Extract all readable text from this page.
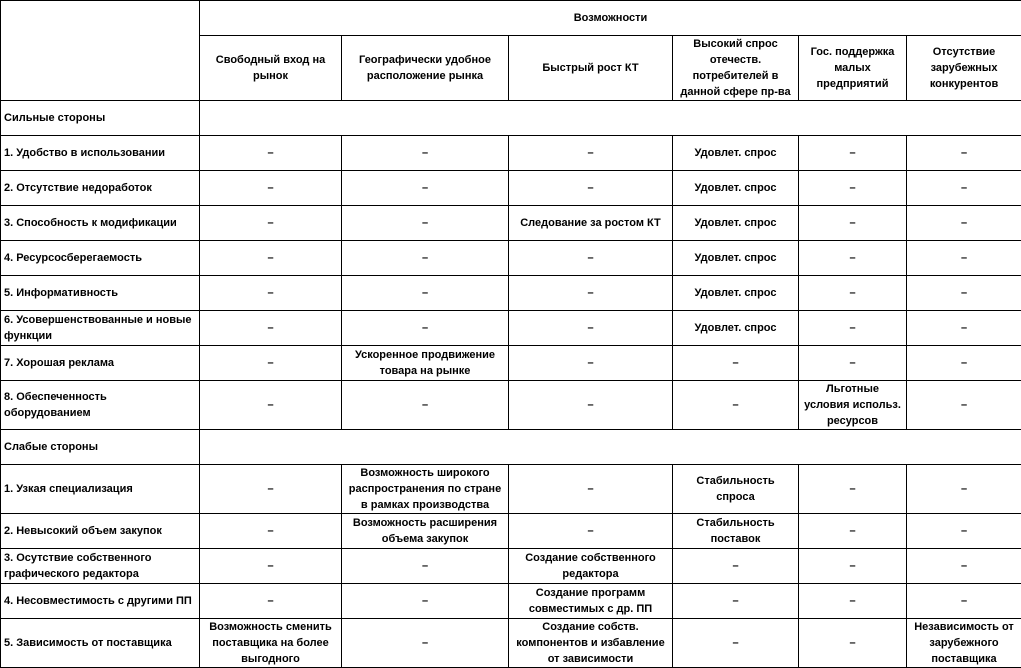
	Возможности					
	Свободный вход на рынок	Географически удобное расположение рынка	Быстрый рост КТ	Высокий спрос отечеств. потребителей в данной сфере пр-ва	Гос. поддержка малых предприятий	Отсутствие зарубежных конкурентов
Сильные стороны						
1. Удобство в использовании	–	–	–	Удовлет. спрос	–	–
2. Отсутствие недоработок	–	–	–	Удовлет. спрос	–	–
3. Способность к модификации	–	–	Следование за ростом КТ	Удовлет. спрос	–	–
4. Ресурсосберегаемость	–	–	–	Удовлет. спрос	–	–
5. Информативность	–	–	–	Удовлет. спрос	–	–
6. Усовершенствованные и новые функции	–	–	–	Удовлет. спрос	–	–
7. Хорошая реклама	–	Ускоренное продвижение товара на рынке	–	–	–	–
8. Обеспеченность оборудованием	–	–	–	–	Льготные условия использ. ресурсов	–
Слабые стороны						
1. Узкая специализация	–	Возможность широкого распространения по стране в рамках производства	–	Стабильность спроса	–	–
2. Невысокий объем закупок	–	Возможность расширения объема закупок	–	Стабильность поставок	–	–
3. Осутствие собственного графического редактора	–	–	Создание собственного редактора	–	–	–
4. Несовместимость с другими ПП	–	–	Создание программ совместимых с др. ПП	–	–	–
5. Зависимость от поставщика	Возможность сменить поставщика на более выгодного	–	Создание собств. компонентов и избавление от зависимости	–	–	Независимость от зарубежного поставщика
